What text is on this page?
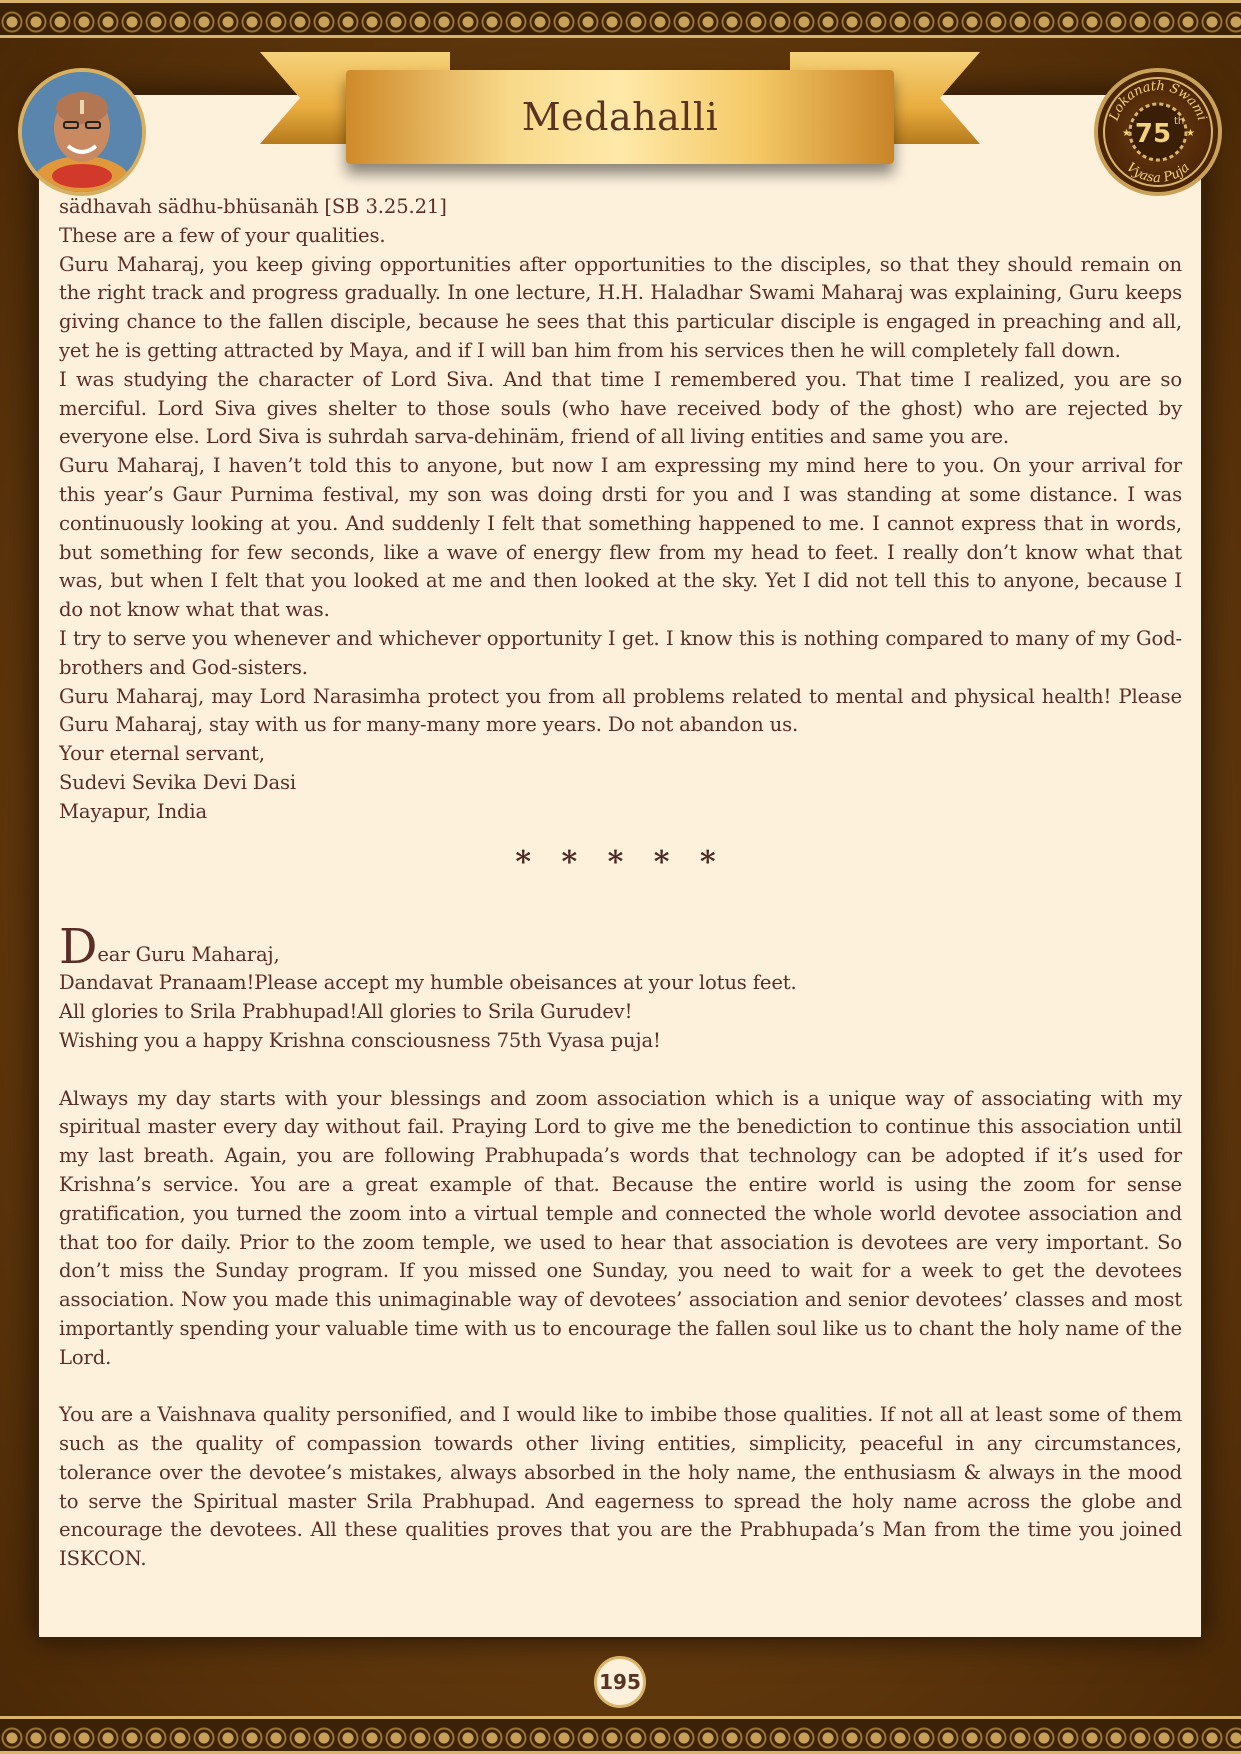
Medahalli	Lokanath Swami
Vyasa Puja
75 th
★	★

sädhavah sädhu-bhüsanäh [SB 3.25.21]

These are a few of your qualities.

Guru Maharaj, you keep giving opportunities after opportunities to the disciples, so that they should remain on the right track and progress gradually. In one lecture, H.H. Haladhar Swami Maharaj was explaining, Guru keeps giving chance to the fallen disciple, because he sees that this particular disciple is engaged in preaching and all, yet he is getting attracted by Maya, and if I will ban him from his services then he will completely fall down.

I was studying the character of Lord Siva. And that time I remembered you. That time I realized, you are so merciful. Lord Siva gives shelter to those souls (who have received body of the ghost) who are rejected by everyone else. Lord Siva is suhrdah sarva-dehinäm, friend of all living entities and same you are.

Guru Maharaj, I haven’t told this to anyone, but now I am expressing my mind here to you. On your arrival for this year’s Gaur Purnima festival, my son was doing drsti for you and I was standing at some distance. I was continuously looking at you. And suddenly I felt that something happened to me. I cannot express that in words, but something for few seconds, like a wave of energy flew from my head to feet. I really don’t know what that was, but when I felt that you looked at me and then looked at the sky. Yet I did not tell this to anyone, because I do not know what that was.

I try to serve you whenever and whichever opportunity I get. I know this is nothing compared to many of my God-brothers and God-sisters.

Guru Maharaj, may Lord Narasimha protect you from all problems related to mental and physical health! Please Guru Maharaj, stay with us for many-many more years. Do not abandon us.

Your eternal servant,

Sudevi Sevika Devi Dasi

Mayapur, India

* * * * *

Dear Guru Maharaj,

Dandavat Pranaam!Please accept my humble obeisances at your lotus feet.

All glories to Srila Prabhupad!All glories to Srila Gurudev!

Wishing you a happy Krishna consciousness 75th Vyasa puja!

Always my day starts with your blessings and zoom association which is a unique way of associating with my spiritual master every day without fail. Praying Lord to give me the benediction to continue this association until my last breath. Again, you are following Prabhupada’s words that technology can be adopted if it’s used for Krishna’s service. You are a great example of that. Because the entire world is using the zoom for sense gratification, you turned the zoom into a virtual temple and connected the whole world devotee association and that too for daily. Prior to the zoom temple, we used to hear that association is devotees are very important. So don’t miss the Sunday program. If you missed one Sunday, you need to wait for a week to get the devotees association. Now you made this unimaginable way of devotees’ association and senior devotees’ classes and most importantly spending your valuable time with us to encourage the fallen soul like us to chant the holy name of the Lord.

You are a Vaishnava quality personified, and I would like to imbibe those qualities. If not all at least some of them such as the quality of compassion towards other living entities, simplicity, peaceful in any circumstances, tolerance over the devotee’s mistakes, always absorbed in the holy name, the enthusiasm & always in the mood to serve the Spiritual master Srila Prabhupad. And eagerness to spread the holy name across the globe and encourage the devotees. All these qualities proves that you are the Prabhupada’s Man from the time you joined ISKCON.

195
